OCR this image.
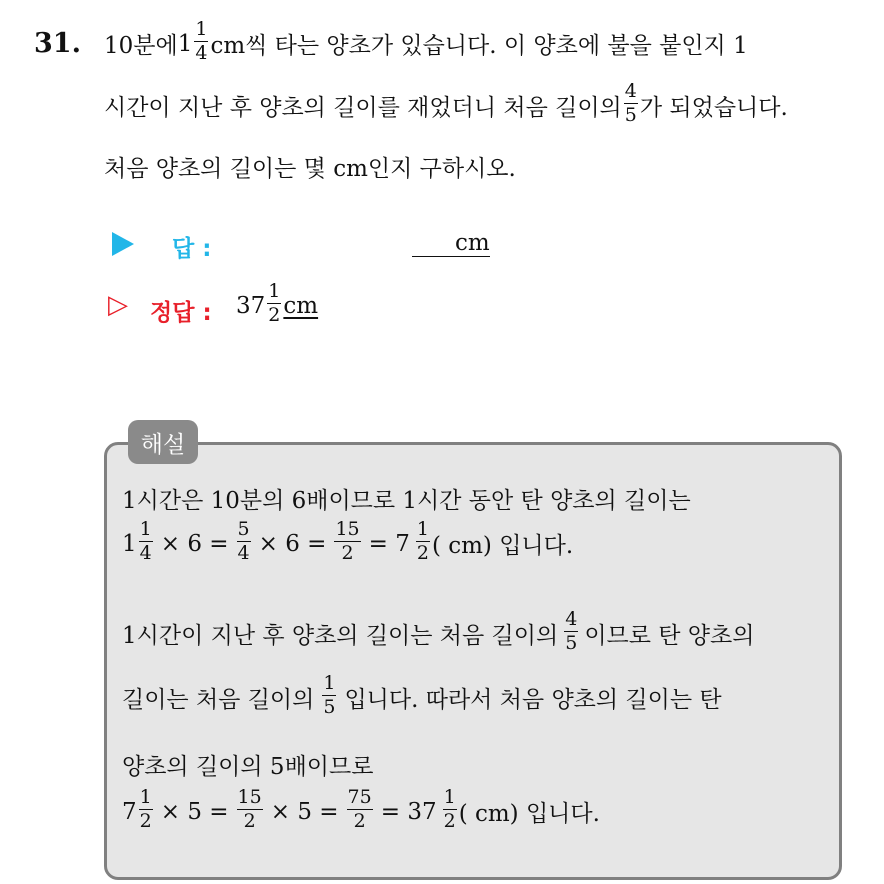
31. 10분에 $1 \frac{1}{4}$ cm씩 타는 양초가 있습니다. 이 양초에 불을 붙인지 1
시간이 지난 후 양초의 길이를 재었더니 처음 길이의 $\frac{4}{5}$ 가 되었습니다.
처음 양초의 길이는 몇 cm인지 구하시오.
답 :	cm
▷ 정답 : $37 \frac{1}{2}$ cm
해설
1시간은 10분의 6배이므로 1시간 동안 탄 양초의 길이는
$1 \frac{1}{4} \times 6 = \frac{5}{4} \times 6 = \frac{15}{2} = 7 \frac{1}{2}$ ( cm) 입니다.
1시간이 지난 후 양초의 길이는 처음 길이의 $\frac{4}{5}$ 이므로 탄 양초의
길이는 처음 길이의 $\frac{1}{5}$ 입니다. 따라서 처음 양초의 길이는 탄
양초의 길이의 5배이므로
$7 \frac{1}{2} \times 5 = \frac{15}{2} \times 5 = \frac{75}{2} = 37 \frac{1}{2}$ ( cm) 입니다.
